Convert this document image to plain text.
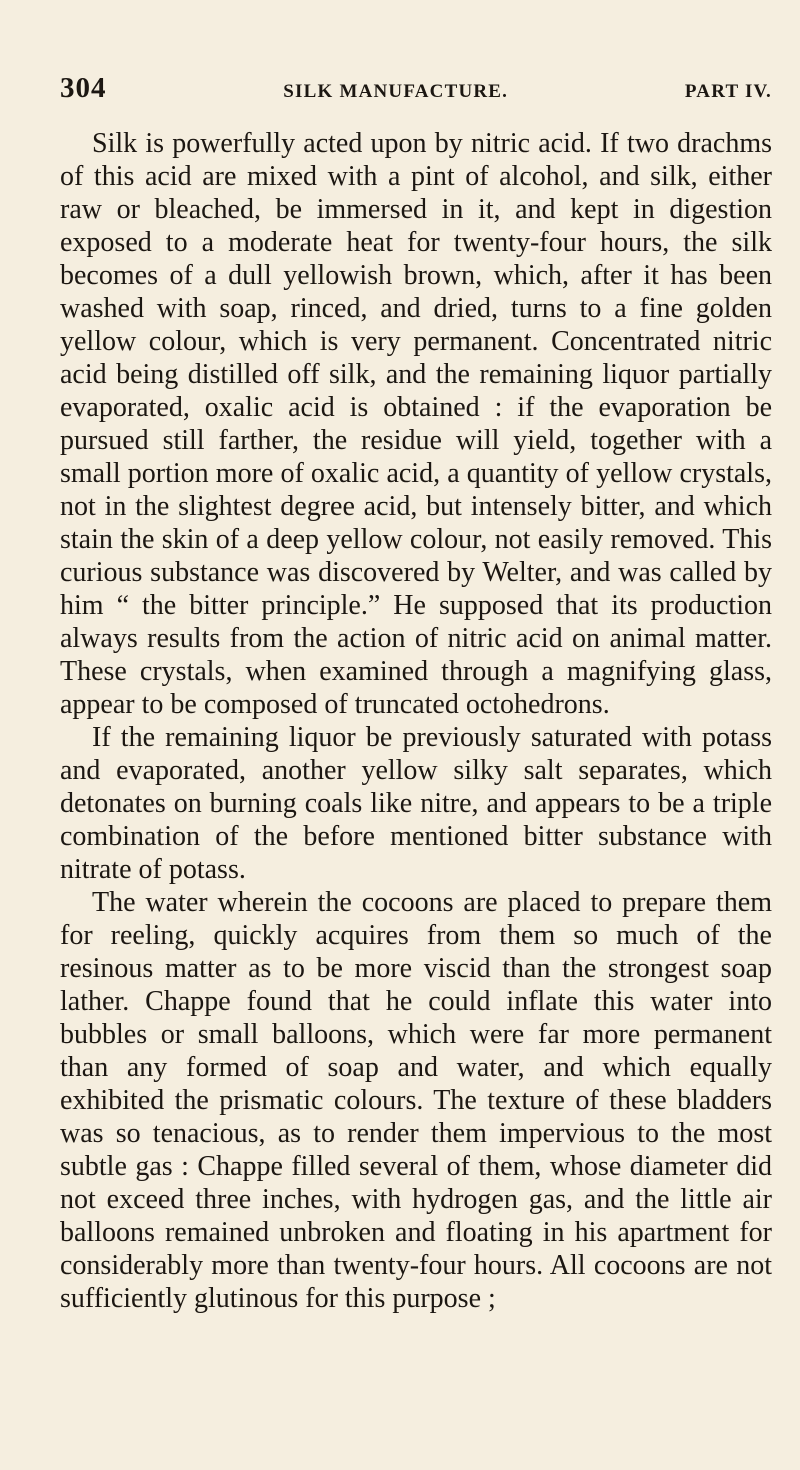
304	SILK MANUFACTURE.	PART IV.

Silk is powerfully acted upon by nitric acid. If two drachms of this acid are mixed with a pint of alcohol, and silk, either raw or bleached, be immersed in it, and kept in digestion exposed to a moderate heat for twenty-four hours, the silk becomes of a dull yellowish brown, which, after it has been washed with soap, rinced, and dried, turns to a fine golden yellow colour, which is very permanent. Concentrated nitric acid being distilled off silk, and the remaining liquor partially evaporated, oxalic acid is obtained : if the evaporation be pursued still farther, the residue will yield, together with a small portion more of oxalic acid, a quantity of yellow crystals, not in the slightest degree acid, but intensely bitter, and which stain the skin of a deep yellow colour, not easily removed. This curious substance was discovered by Welter, and was called by him “ the bitter principle.” He supposed that its production always results from the action of nitric acid on animal matter. These crystals, when examined through a magnifying glass, appear to be composed of truncated octohedrons.

If the remaining liquor be previously saturated with potass and evaporated, another yellow silky salt separates, which detonates on burning coals like nitre, and appears to be a triple combination of the before mentioned bitter substance with nitrate of potass.

The water wherein the cocoons are placed to prepare them for reeling, quickly acquires from them so much of the resinous matter as to be more viscid than the strongest soap lather. Chappe found that he could inflate this water into bubbles or small balloons, which were far more permanent than any formed of soap and water, and which equally exhibited the prismatic colours. The texture of these bladders was so tenacious, as to render them impervious to the most subtle gas : Chappe filled several of them, whose diameter did not exceed three inches, with hydrogen gas, and the little air balloons remained unbroken and floating in his apartment for considerably more than twenty-four hours. All cocoons are not sufficiently glutinous for this purpose ;
